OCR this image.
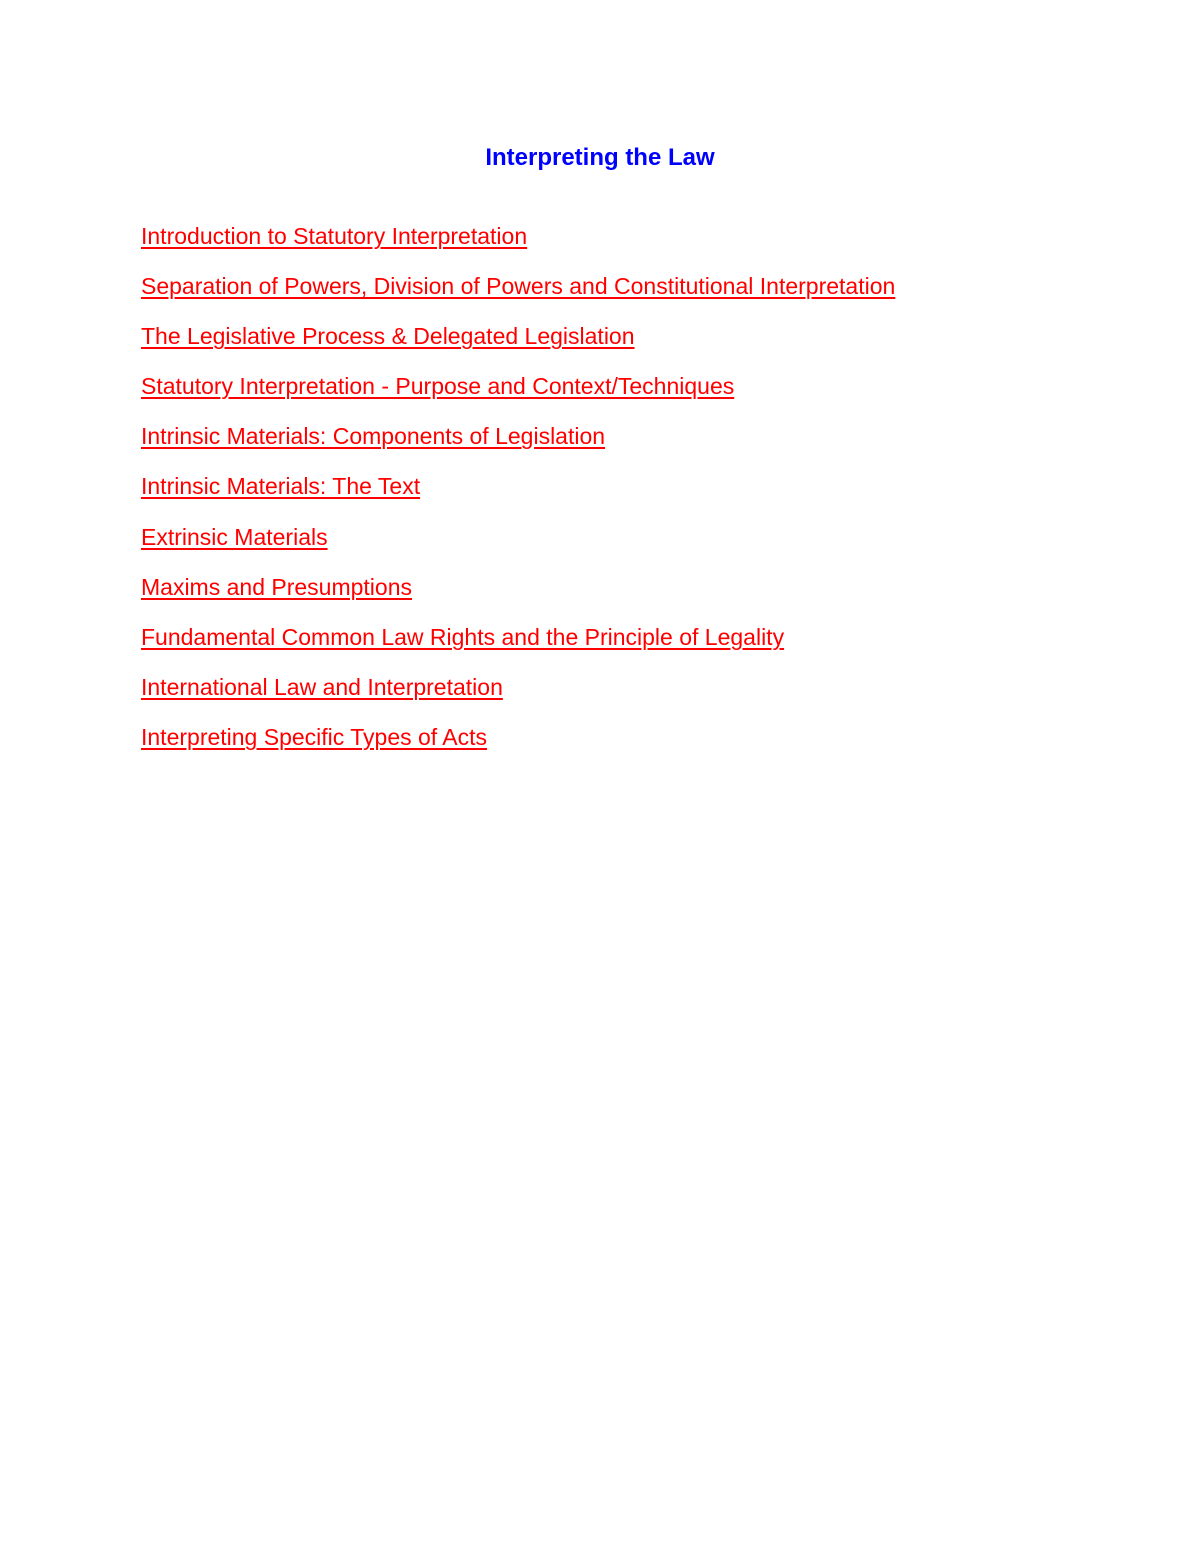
Interpreting the Law
Introduction to Statutory Interpretation
Separation of Powers, Division of Powers and Constitutional Interpretation
The Legislative Process & Delegated Legislation
Statutory Interpretation - Purpose and Context/Techniques
Intrinsic Materials: Components of Legislation
Intrinsic Materials: The Text
Extrinsic Materials
Maxims and Presumptions
Fundamental Common Law Rights and the Principle of Legality
International Law and Interpretation
Interpreting Specific Types of Acts
